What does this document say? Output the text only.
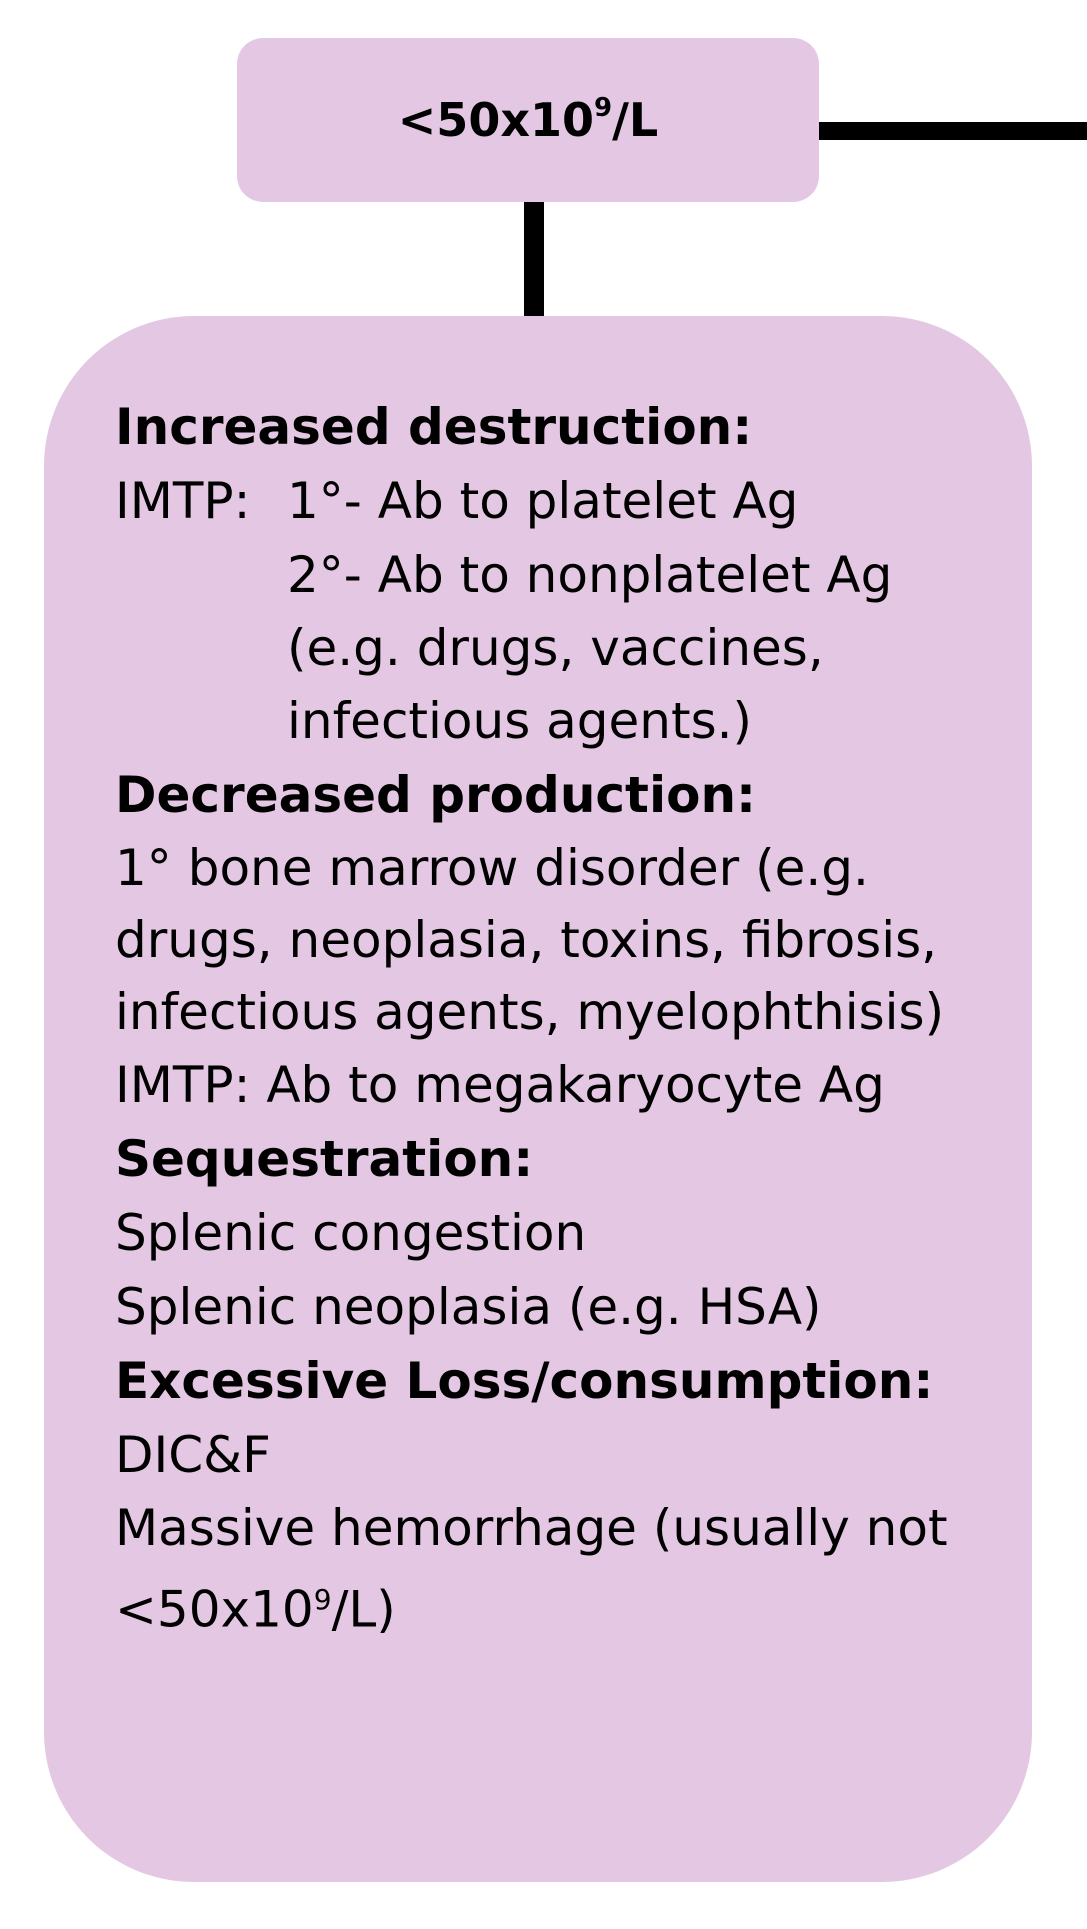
$<50x10^9/L$

Increased destruction:

IMTP: 1°- Ab to platelet Ag

2°- Ab to nonplatelet Ag

(e.g. drugs, vaccines,

infectious agents.)

Decreased production:

1° bone marrow disorder (e.g.

drugs, neoplasia, toxins, fibrosis,

infectious agents, myelophthisis)

IMTP: Ab to megakaryocyte Ag

Sequestration:

Splenic congestion

Splenic neoplasia (e.g. HSA)

Excessive Loss/consumption:

DIC&F

Massive hemorrhage (usually not

$<50x10^9/L$)
